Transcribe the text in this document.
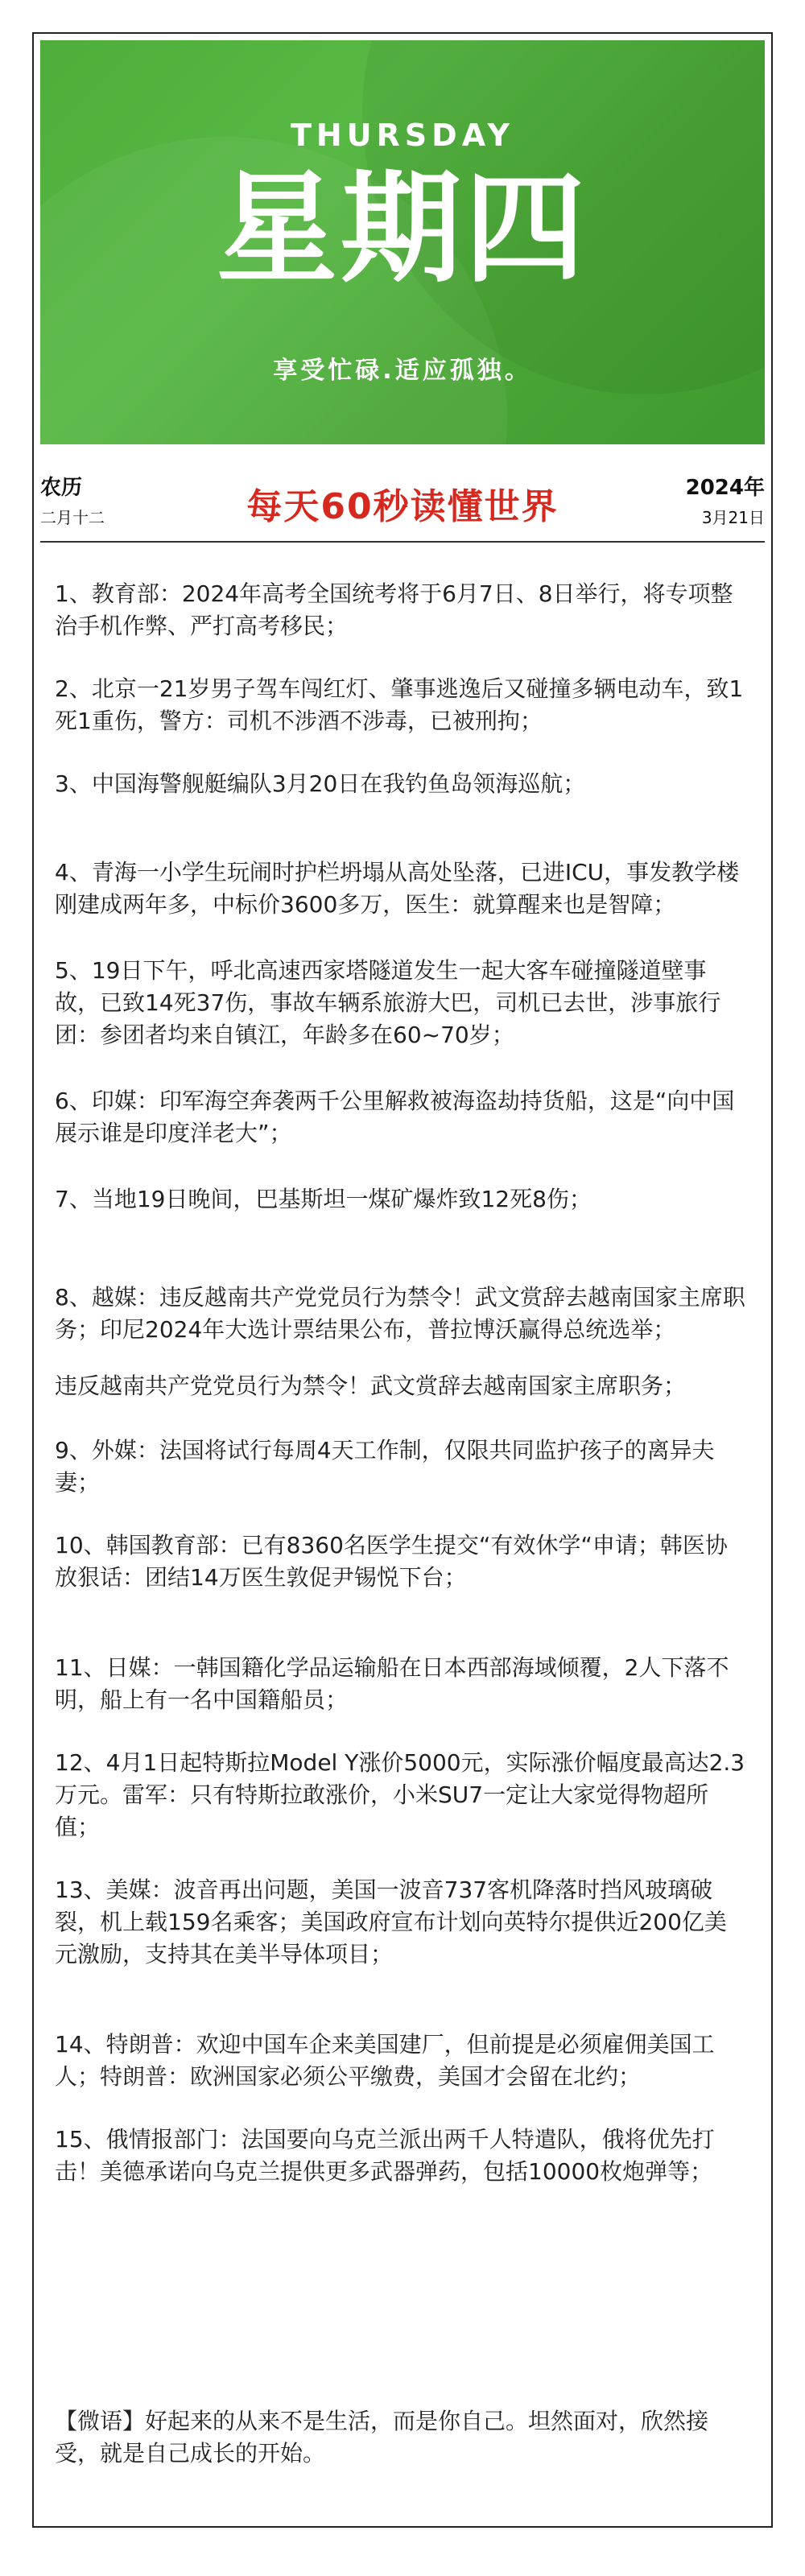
THURSDAY
星期四
享受忙碌.适应孤独。
农历
二月十二	每天60秒读懂世界	2024年
3月21日
1、教育部：2024年高考全国统考将于6月7日、8日举行，将专项整治手机作弊、严打高考移民；
2、北京一21岁男子驾车闯红灯、肇事逃逸后又碰撞多辆电动车，致1死1重伤，警方：司机不涉酒不涉毒，已被刑拘；
3、中国海警舰艇编队3月20日在我钓鱼岛领海巡航；
4、青海一小学生玩闹时护栏坍塌从高处坠落，已进ICU，事发教学楼刚建成两年多，中标价3600多万，医生：就算醒来也是智障；
5、19日下午，呼北高速西家塔隧道发生一起大客车碰撞隧道壁事故，已致14死37伤，事故车辆系旅游大巴，司机已去世，涉事旅行团：参团者均来自镇江，年龄多在60~70岁；
6、印媒：印军海空奔袭两千公里解救被海盗劫持货船，这是“向中国展示谁是印度洋老大”；
7、当地19日晚间，巴基斯坦一煤矿爆炸致12死8伤；
8、越媒：违反越南共产党党员行为禁令！武文赏辞去越南国家主席职务；印尼2024年大选计票结果公布，普拉博沃赢得总统选举；
违反越南共产党党员行为禁令！武文赏辞去越南国家主席职务；
9、外媒：法国将试行每周4天工作制，仅限共同监护孩子的离异夫妻；
10、韩国教育部：已有8360名医学生提交“有效休学“申请；韩医协放狠话：团结14万医生敦促尹锡悦下台；
11、日媒：一韩国籍化学品运输船在日本西部海域倾覆，2人下落不明，船上有一名中国籍船员；
12、4月1日起特斯拉Model Y涨价5000元，实际涨价幅度最高达2.3万元。雷军：只有特斯拉敢涨价，小米SU7一定让大家觉得物超所值；
13、美媒：波音再出问题，美国一波音737客机降落时挡风玻璃破裂，机上载159名乘客；美国政府宣布计划向英特尔提供近200亿美元激励，支持其在美半导体项目；
14、特朗普：欢迎中国车企来美国建厂，但前提是必须雇佣美国工人；特朗普：欧洲国家必须公平缴费，美国才会留在北约；
15、俄情报部门：法国要向乌克兰派出两千人特遣队，俄将优先打击！美德承诺向乌克兰提供更多武器弹药，包括10000枚炮弹等；
【微语】好起来的从来不是生活，而是你自己。坦然面对，欣然接受，就是自己成长的开始。
